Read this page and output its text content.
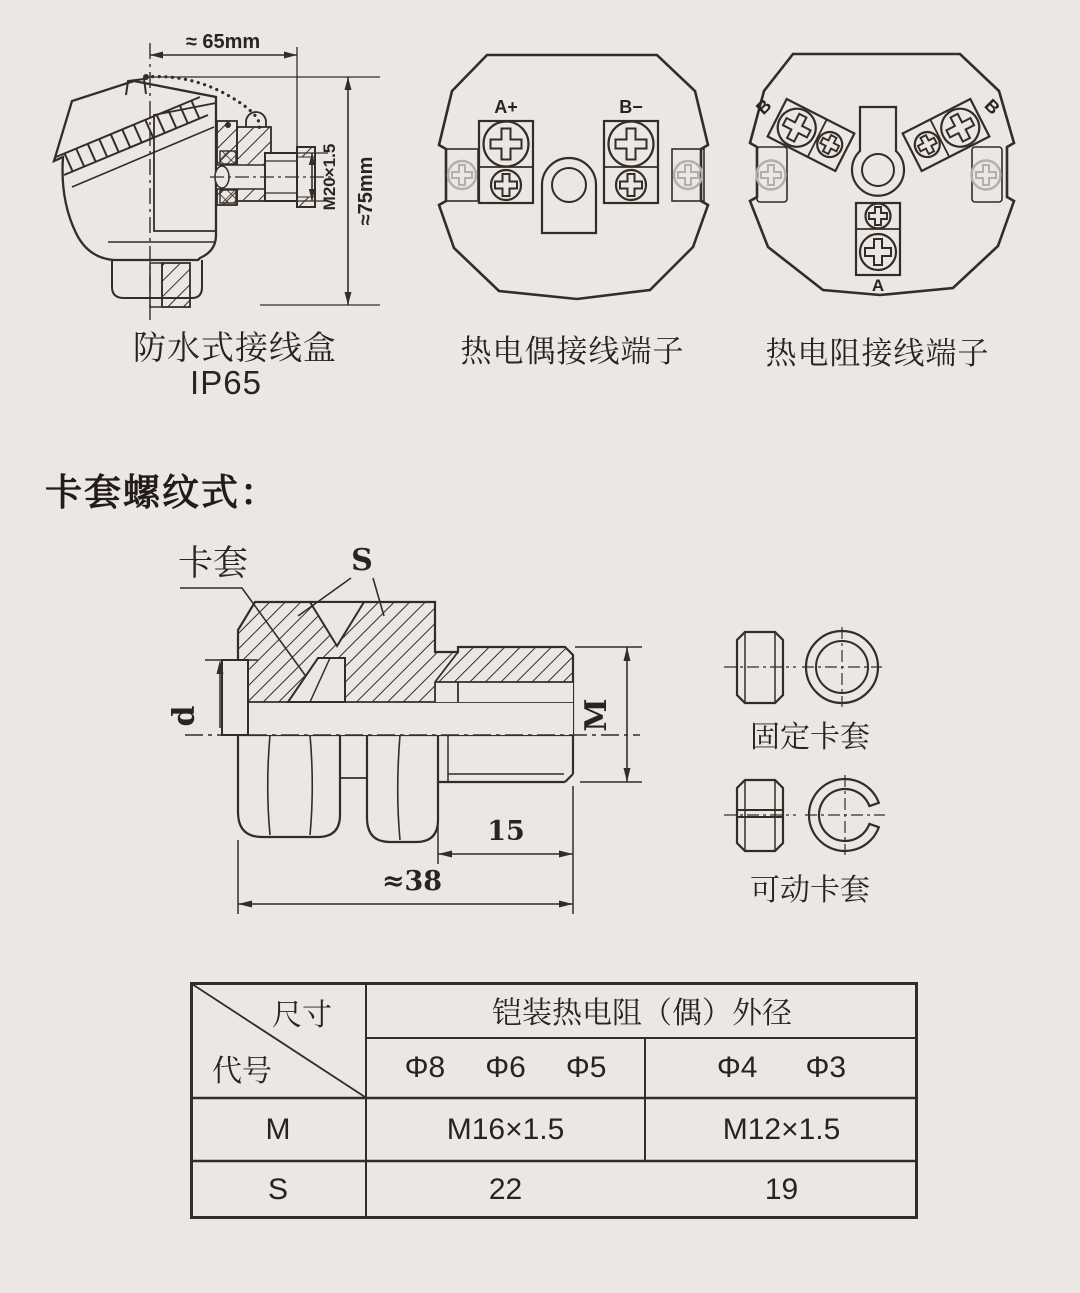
≈ 65mm
≈75mm
M20×1.5
防水式接线盒
IP65
A+	B−
热电偶接线端子
B	B
A
热电阻接线端子
卡套螺纹式：
卡套	S
d	M
15
≈38
固定卡套
可动卡套
尺寸
代号
铠装热电阻（偶）外径
Φ8 Φ6 Φ5	Φ4 Φ3
M	M16×1.5	M12×1.5
S	22	19
